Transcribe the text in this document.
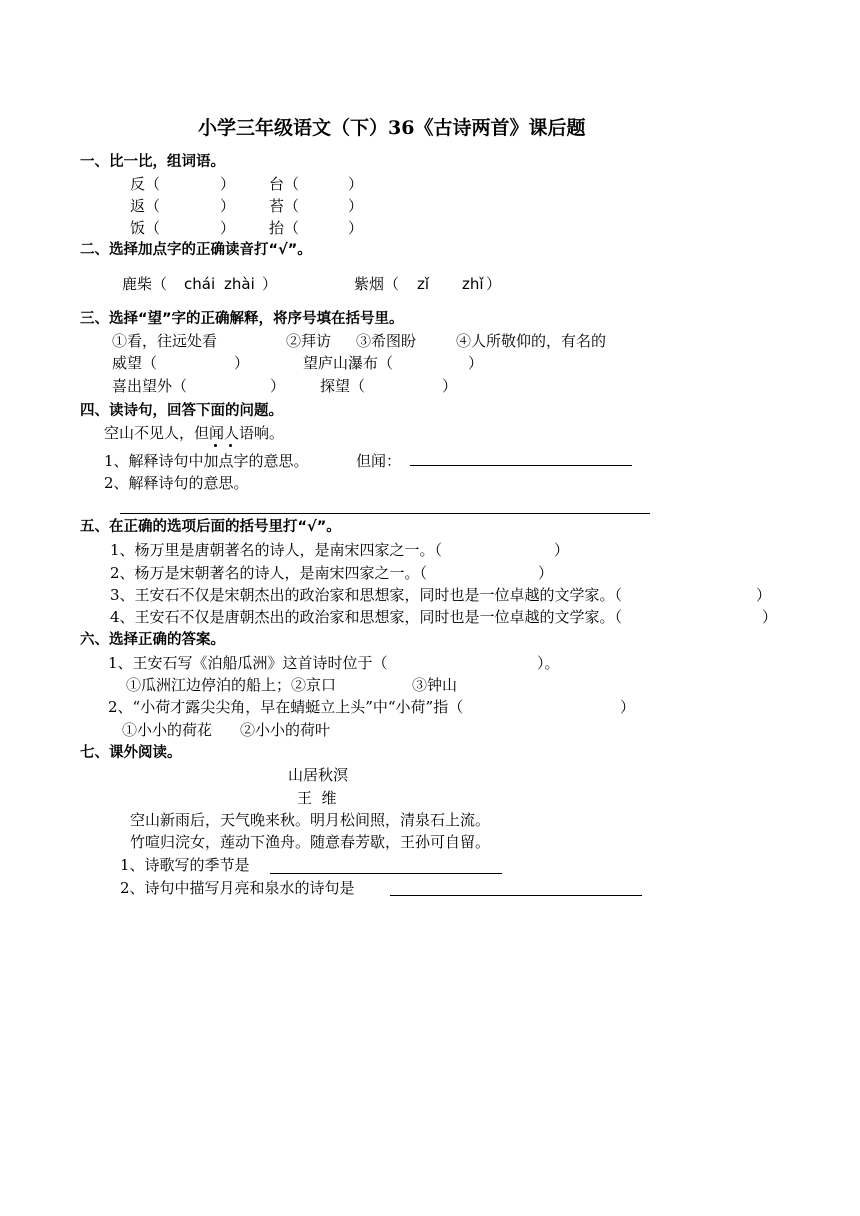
小学三年级语文（下）36《古诗两首》课后题
一、比一比，组词语。
反（	） 台（	）
返（	） 苔（	）
饭（	） 抬（	）
二、选择加点字的正确读音打“√”。
鹿柴（ chái zhài ）	紫烟（ zǐ zhǐ ）
三、选择“望”字的正确解释，将序号填在括号里。
①看，往远处看	②拜访 ③希图盼	④人所敬仰的，有名的
威望（	）	望庐山瀑布（	）
喜出望外（	） 探望（	）
四、读诗句，回答下面的问题。
空山不见人，但闻人语响。
1、解释诗句中加点字的意思。	但闻：
2、解释诗句的意思。
五、在正确的选项后面的括号里打“√”。
1、杨万里是唐朝著名的诗人，是南宋四家之一。（	）
2、杨万是宋朝著名的诗人，是南宋四家之一。（	）
3、王安石不仅是宋朝杰出的政治家和思想家，同时也是一位卓越的文学家。（	）
4、王安石不仅是唐朝杰出的政治家和思想家，同时也是一位卓越的文学家。（	）
六、选择正确的答案。
1、王安石写《泊船瓜洲》这首诗时位于（	）。
①瓜洲江边停泊的船上；②京口	③钟山
2、“小荷才露尖尖角，早在蜻蜓立上头”中“小荷”指（	）
①小小的荷花 ②小小的荷叶
七、课外阅读。
山居秋溟
王  维
空山新雨后，天气晚来秋。明月松间照，清泉石上流。
竹喧归浣女，莲动下渔舟。随意春芳歇，王孙可自留。
1、诗歌写的季节是
2、诗句中描写月亮和泉水的诗句是
